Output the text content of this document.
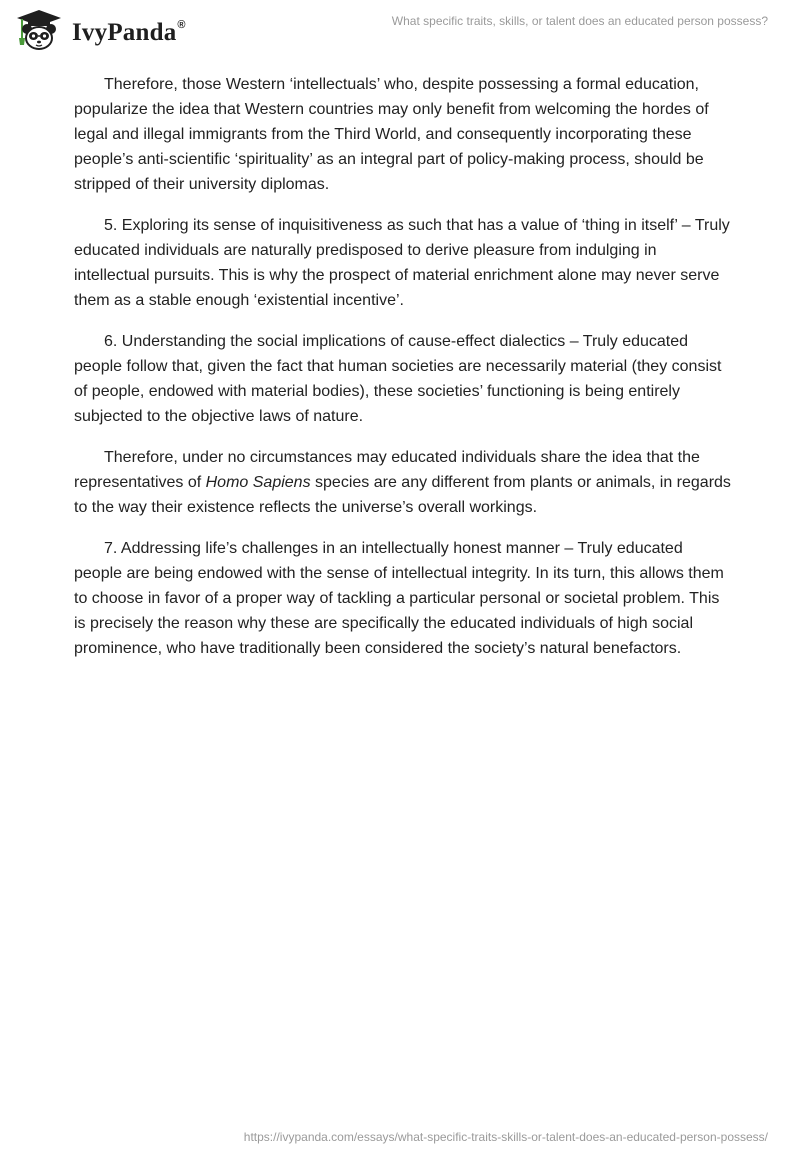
IvyPanda®	What specific traits, skills, or talent does an educated person possess?

Therefore, those Western ‘intellectuals’ who, despite possessing a formal education, popularize the idea that Western countries may only benefit from welcoming the hordes of legal and illegal immigrants from the Third World, and consequently incorporating these people’s anti-scientific ‘spirituality’ as an integral part of policy-making process, should be stripped of their university diplomas.

5. Exploring its sense of inquisitiveness as such that has a value of ‘thing in itself’ – Truly educated individuals are naturally predisposed to derive pleasure from indulging in intellectual pursuits. This is why the prospect of material enrichment alone may never serve them as a stable enough ‘existential incentive’.

6. Understanding the social implications of cause-effect dialectics – Truly educated people follow that, given the fact that human societies are necessarily material (they consist of people, endowed with material bodies), these societies’ functioning is being entirely subjected to the objective laws of nature.

Therefore, under no circumstances may educated individuals share the idea that the representatives of Homo Sapiens species are any different from plants or animals, in regards to the way their existence reflects the universe’s overall workings.

7. Addressing life’s challenges in an intellectually honest manner – Truly educated people are being endowed with the sense of intellectual integrity. In its turn, this allows them to choose in favor of a proper way of tackling a particular personal or societal problem. This is precisely the reason why these are specifically the educated individuals of high social prominence, who have traditionally been considered the society’s natural benefactors.

https://ivypanda.com/essays/what-specific-traits-skills-or-talent-does-an-educated-person-possess/
